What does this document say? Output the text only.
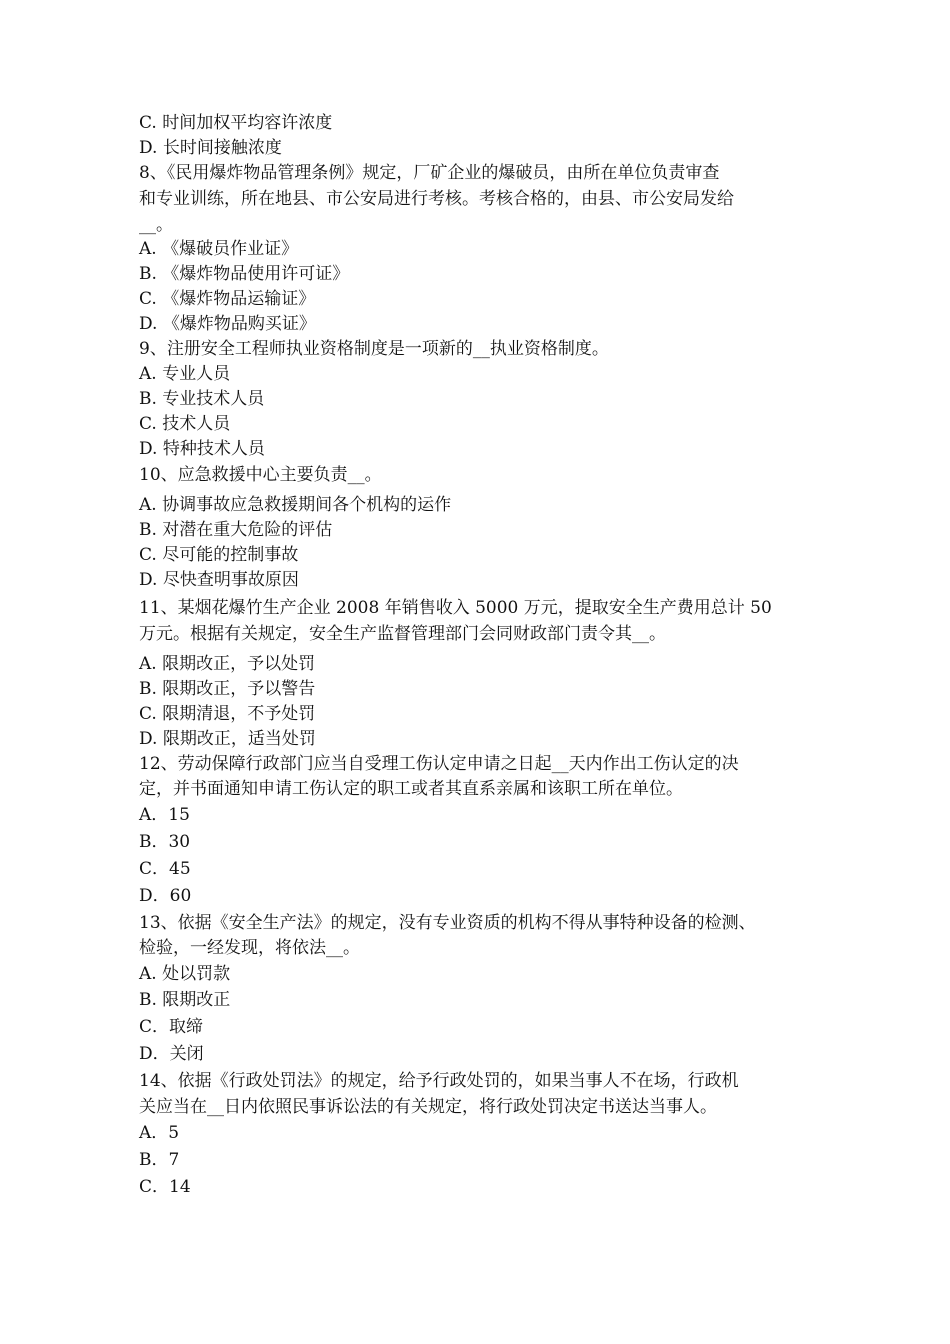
C. 时间加权平均容许浓度
D. 长时间接触浓度
8、《民用爆炸物品管理条例》规定，厂矿企业的爆破员，由所在单位负责审查
和专业训练，所在地县、市公安局进行考核。考核合格的，由县、市公安局发给
__。
A. 《爆破员作业证》
B. 《爆炸物品使用许可证》
C. 《爆炸物品运输证》
D. 《爆炸物品购买证》
9、注册安全工程师执业资格制度是一项新的__执业资格制度。
A. 专业人员
B. 专业技术人员
C. 技术人员
D. 特种技术人员
10、应急救援中心主要负责__。
A. 协调事故应急救援期间各个机构的运作
B. 对潜在重大危险的评估
C. 尽可能的控制事故
D. 尽快查明事故原因
11、某烟花爆竹生产企业 2008 年销售收入 5000 万元，提取安全生产费用总计 50
万元。根据有关规定，安全生产监督管理部门会同财政部门责令其__。
A. 限期改正，予以处罚
B. 限期改正，予以警告
C. 限期清退，不予处罚
D. 限期改正，适当处罚
12、劳动保障行政部门应当自受理工伤认定申请之日起__天内作出工伤认定的决
定，并书面通知申请工伤认定的职工或者其直系亲属和该职工所在单位。
A．15
B．30
C．45
D．60
13、依据《安全生产法》的规定，没有专业资质的机构不得从事特种设备的检测、
检验，一经发现，将依法__。
A. 处以罚款
B. 限期改正
C．取缔
D．关闭
14、依据《行政处罚法》的规定，给予行政处罚的，如果当事人不在场，行政机
关应当在__日内依照民事诉讼法的有关规定，将行政处罚决定书送达当事人。
A．5
B．7
C．14
